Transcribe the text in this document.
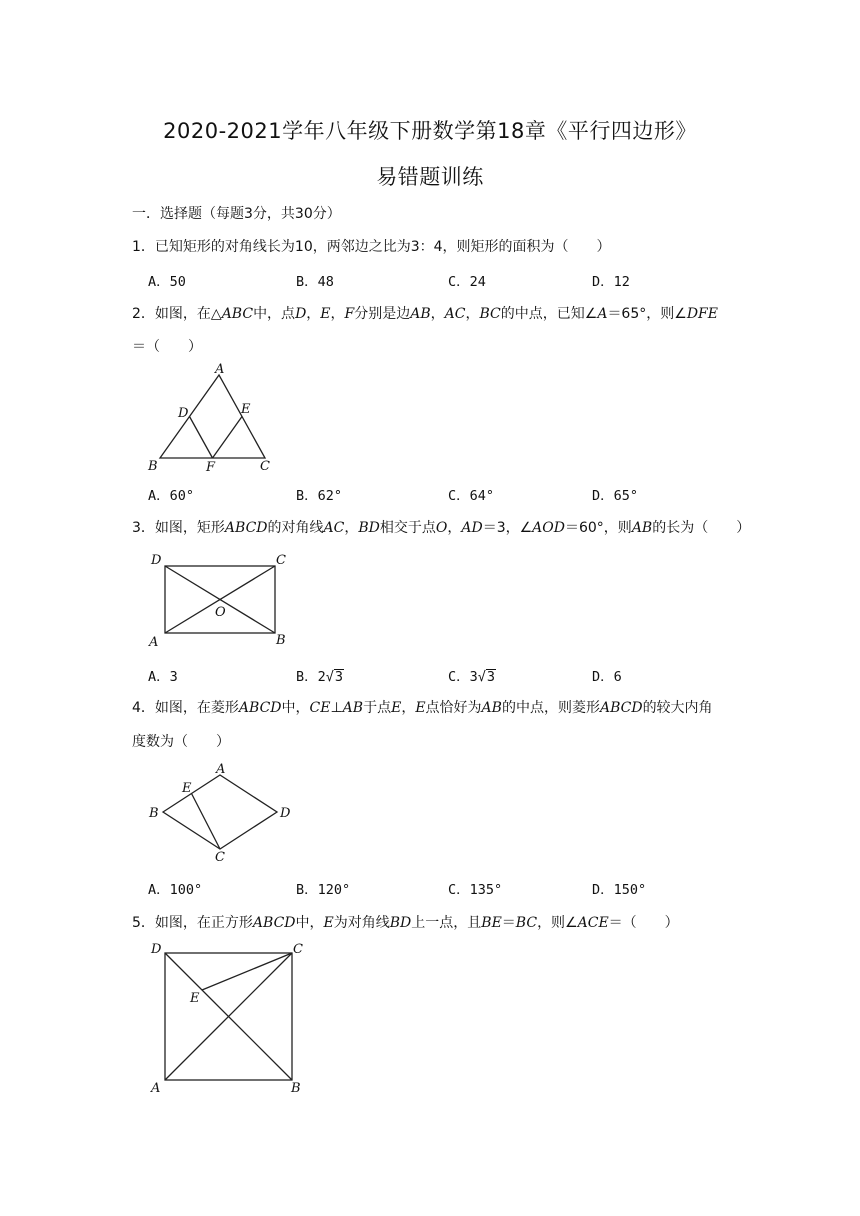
2020-2021学年八年级下册数学第18章《平行四边形》
易错题训练
一．选择题（每题3分，共30分）
1．已知矩形的对角线长为10，两邻边之比为3：4，则矩形的面积为（　　）
A．50	B．48	C．24	D．12
2．如图，在△ABC中，点D，E，F分别是边AB，AC，BC的中点，已知∠A＝65°，则∠DFE
＝（　　）
A
D	E
B	F	C
A．60°	B．62°	C．64°	D．65°
3．如图，矩形ABCD的对角线AC，BD相交于点O，AD＝3，∠AOD＝60°，则AB的长为（　　）
D	C
A	B
O
A．3	B．2√3	C．3√3	D．6
4．如图，在菱形ABCD中，CE⊥AB于点E，E点恰好为AB的中点，则菱形ABCD的较大内角
度数为（　　）
A
E
B	D
C
A．100°	B．120°	C．135°	D．150°
5．如图，在正方形ABCD中，E为对角线BD上一点，且BE＝BC，则∠ACE＝（　　）
D	C
E
A	B
